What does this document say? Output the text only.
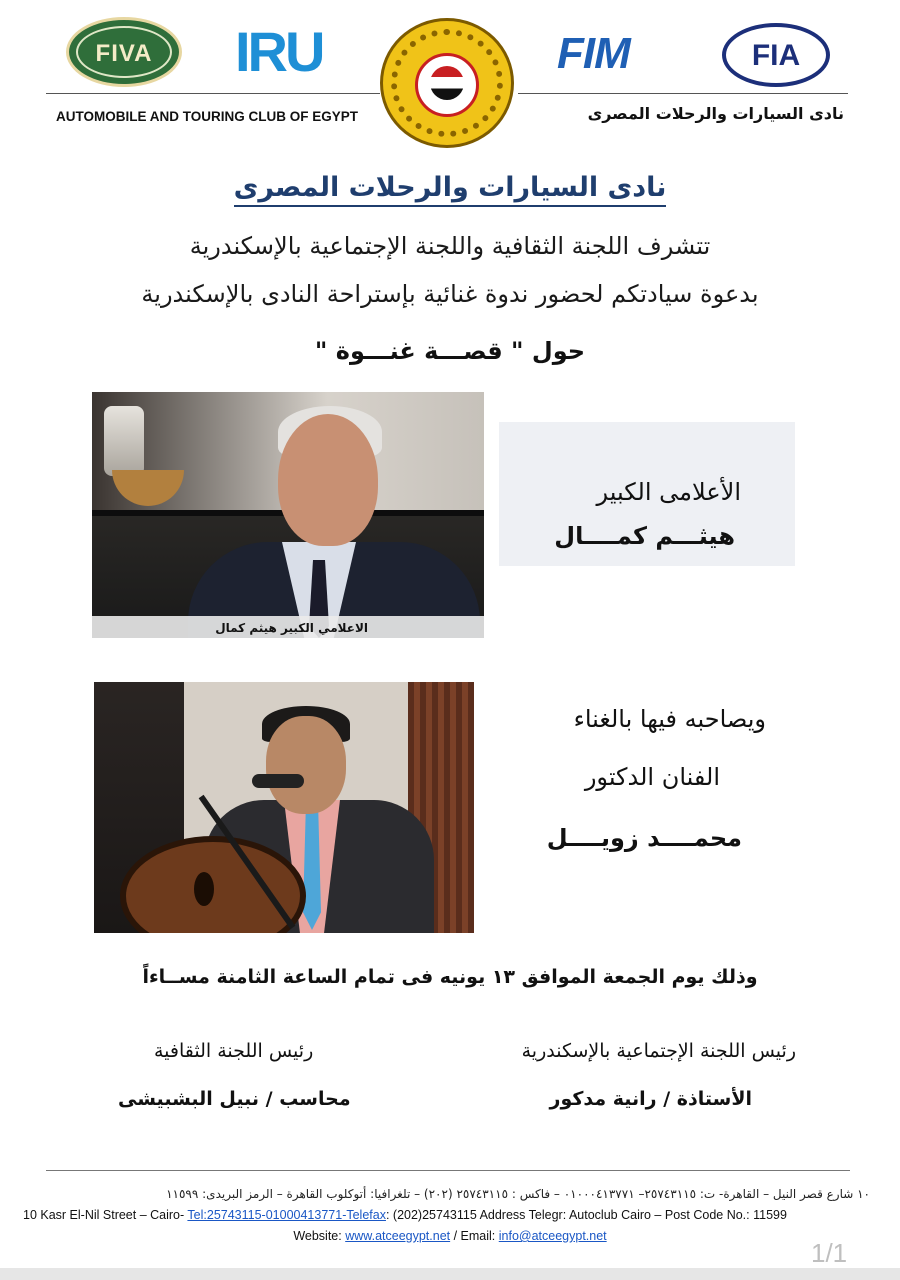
FIVA	IRU	FIM	FIA
AUTOMOBILE AND TOURING CLUB OF EGYPT	نادى السيارات والرحلات المصرى
نادى السيارات والرحلات المصرى
تتشرف اللجنة الثقافية واللجنة الإجتماعية بالإسكندرية
بدعوة سيادتكم لحضور ندوة غنائية بإستراحة النادى بالإسكندرية
حول " قصـــة غنـــوة "
الاعلامي الكبير هيثم كمال
الأعلامى الكبير
هيثـــم كمــــال
ويصاحبه فيها بالغناء
الفنان الدكتور
محمــــد زويــــل
وذلك يوم الجمعة الموافق ١٣ يونيه فى تمام الساعة الثامنة مســاءاً
رئيس اللجنة الإجتماعية بالإسكندرية
رئيس اللجنة الثقافية
الأستاذة / رانية مدكور
محاسب / نبيل البشبيشى
١٠ شارع قصر النيل – القاهرة- ت: ٢٥٧٤٣١١٥– ٠١٠٠٠٤١٣٧٧١ – فاكس : ٢٥٧٤٣١١٥ (٢٠٢) – تلغرافيا: أتوكلوب القاهرة – الرمز البريدى: ١١٥٩٩
10 Kasr El-Nil Street – Cairo- Tel:25743115-01000413771-Telefax: (202)25743115 Address Telegr: Autoclub Cairo – Post Code No.: 11599
Website: www.atceegypt.net / Email: info@atceegypt.net
1/1
